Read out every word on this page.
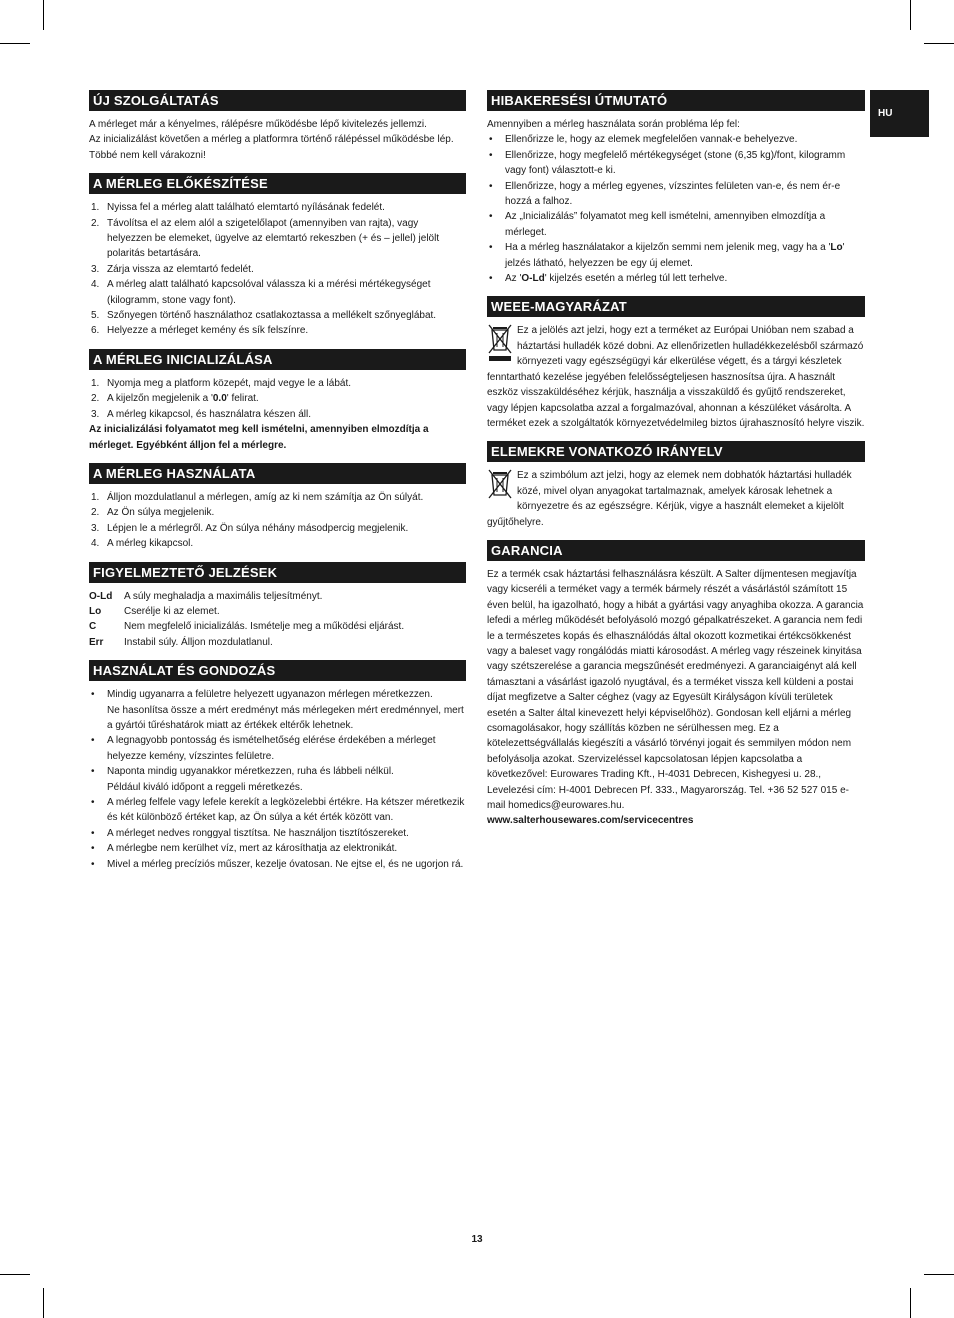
HU
ÚJ SZOLGÁLTATÁS

A mérleget már a kényelmes, rálépésre működésbe lépő kivitelezés jellemzi.

Az inicializálást követően a mérleg a platformra történő rálépéssel működésbe lép.

Többé nem kell várakozni!

A MÉRLEG ELŐKÉSZÍTÉSE
1. Nyissa fel a mérleg alatt található elemtartó nyílásának fedelét.
2. Távolítsa el az elem alól a szigetelőlapot (amennyiben van rajta), vagy helyezzen be elemeket, ügyelve az elemtartó rekeszben (+ és – jellel) jelölt polaritás betartására.
3. Zárja vissza az elemtartó fedelét.
4. A mérleg alatt található kapcsolóval válassza ki a mérési mértékegységet (kilogramm, stone vagy font).
5. Szőnyegen történő használathoz csatlakoztassa a mellékelt szőnyeglábat.
6. Helyezze a mérleget kemény és sík felszínre.
A MÉRLEG INICIALIZÁLÁSA
1. Nyomja meg a platform közepét, majd vegye le a lábát.
2. A kijelzőn megjelenik a '0.0' felirat.
3. A mérleg kikapcsol, és használatra készen áll.

Az inicializálási folyamatot meg kell ismételni, amennyiben elmozdítja a mérleget. Egyébként álljon fel a mérlegre.

A MÉRLEG HASZNÁLATA
1. Álljon mozdulatlanul a mérlegen, amíg az ki nem számítja az Ön súlyát.
2. Az Ön súlya megjelenik.
3. Lépjen le a mérlegről. Az Ön súlya néhány másodpercig megjelenik.
4. A mérleg kikapcsol.
FIGYELMEZTETŐ JELZÉSEK
O-Ld	A súly meghaladja a maximális teljesítményt.
Lo	Cserélje ki az elemet.
C	Nem megfelelő inicializálás. Ismételje meg a működési eljárást.
Err	Instabil súly. Álljon mozdulatlanul.
HASZNÁLAT ÉS GONDOZÁS
• Mindig ugyanarra a felületre helyezett ugyanazon mérlegen méretkezzen.
Ne hasonlítsa össze a mért eredményt más mérlegeken mért eredménnyel, mert a gyártói tűréshatárok miatt az értékek eltérők lehetnek.
• A legnagyobb pontosság és ismételhetőség elérése érdekében a mérleget helyezze kemény, vízszintes felületre.
• Naponta mindig ugyanakkor méretkezzen, ruha és lábbeli nélkül.
Például kiváló időpont a reggeli méretkezés.
• A mérleg felfele vagy lefele kerekít a legközelebbi értékre. Ha kétszer méretkezik és két különböző értéket kap, az Ön súlya a két érték között van.
• A mérleget nedves ronggyal tisztítsa. Ne használjon tisztítószereket.
• A mérlegbe nem kerülhet víz, mert az károsíthatja az elektronikát.
• Mivel a mérleg precíziós műszer, kezelje óvatosan. Ne ejtse el, és ne ugorjon rá.
HIBAKERESÉSI ÚTMUTATÓ

Amennyiben a mérleg használata során probléma lép fel:

• Ellenőrizze le, hogy az elemek megfelelően vannak-e behelyezve.
• Ellenőrizze, hogy megfelelő mértékegységet (stone (6,35 kg)/font, kilogramm vagy font) választott-e ki.
• Ellenőrizze, hogy a mérleg egyenes, vízszintes felületen van-e, és nem ér-e hozzá a falhoz.
• Az „Inicializálás” folyamatot meg kell ismételni, amennyiben elmozdítja a mérleget.
• Ha a mérleg használatakor a kijelzőn semmi nem jelenik meg, vagy ha a 'Lo' jelzés látható, helyezzen be egy új elemet.
• Az 'O-Ld' kijelzés esetén a mérleg túl lett terhelve.
WEEE-MAGYARÁZAT

Ez a jelölés azt jelzi, hogy ezt a terméket az Európai Unióban nem szabad a háztartási hulladék közé dobni. Az ellenőrizetlen hulladékkezelésből származó környezeti vagy egészségügyi kár elkerülése végett, és a tárgyi készletek fenntartható kezelése jegyében felelősségteljesen hasznosítsa újra. A használt eszköz visszaküldéséhez kérjük, használja a visszaküldő és gyűjtő rendszereket, vagy lépjen kapcsolatba azzal a forgalmazóval, ahonnan a készüléket vásárolta. A terméket ezek a szolgáltatók környezetvédelmileg biztos újrahasznosító helyre viszik.

ELEMEKRE VONATKOZÓ IRÁNYELV

Ez a szimbólum azt jelzi, hogy az elemek nem dobhatók háztartási hulladék közé, mivel olyan anyagokat tartalmaznak, amelyek károsak lehetnek a környezetre és az egészségre. Kérjük, vigye a használt elemeket a kijelölt gyűjtőhelyre.

GARANCIA

Ez a termék csak háztartási felhasználásra készült. A Salter díjmentesen megjavítja vagy kicseréli a terméket vagy a termék bármely részét a vásárlástól számított 15 éven belül, ha igazolható, hogy a hibát a gyártási vagy anyaghiba okozza. A garancia lefedi a mérleg működését befolyásoló mozgó gépalkatrészeket. A garancia nem fedi le a természetes kopás és elhasználódás által okozott kozmetikai értékcsökkenést vagy a baleset vagy rongálódás miatti károsodást. A mérleg vagy részeinek kinyitása vagy szétszerelése a garancia megszűnését eredményezi. A garanciaigényt alá kell támasztani a vásárlást igazoló nyugtával, és a terméket vissza kell küldeni a postai díjat megfizetve a Salter céghez (vagy az Egyesült Királyságon kívüli területek esetén a Salter által kinevezett helyi képviselőhöz). Gondosan kell eljárni a mérleg csomagolásakor, hogy szállítás közben ne sérülhessen meg. Ez a kötelezettségvállalás kiegészíti a vásárló törvényi jogait és semmilyen módon nem befolyásolja azokat. Szervizeléssel kapcsolatosan lépjen kapcsolatba a következővel: Eurowares Trading Kft., H-4031 Debrecen, Kishegyesi u. 28., Levelezési cím: H-4001 Debrecen Pf. 333., Magyarország. Tel. +36 52 527 015 e-mail homedics@eurowares.hu.

www.salterhousewares.com/servicecentres

13
